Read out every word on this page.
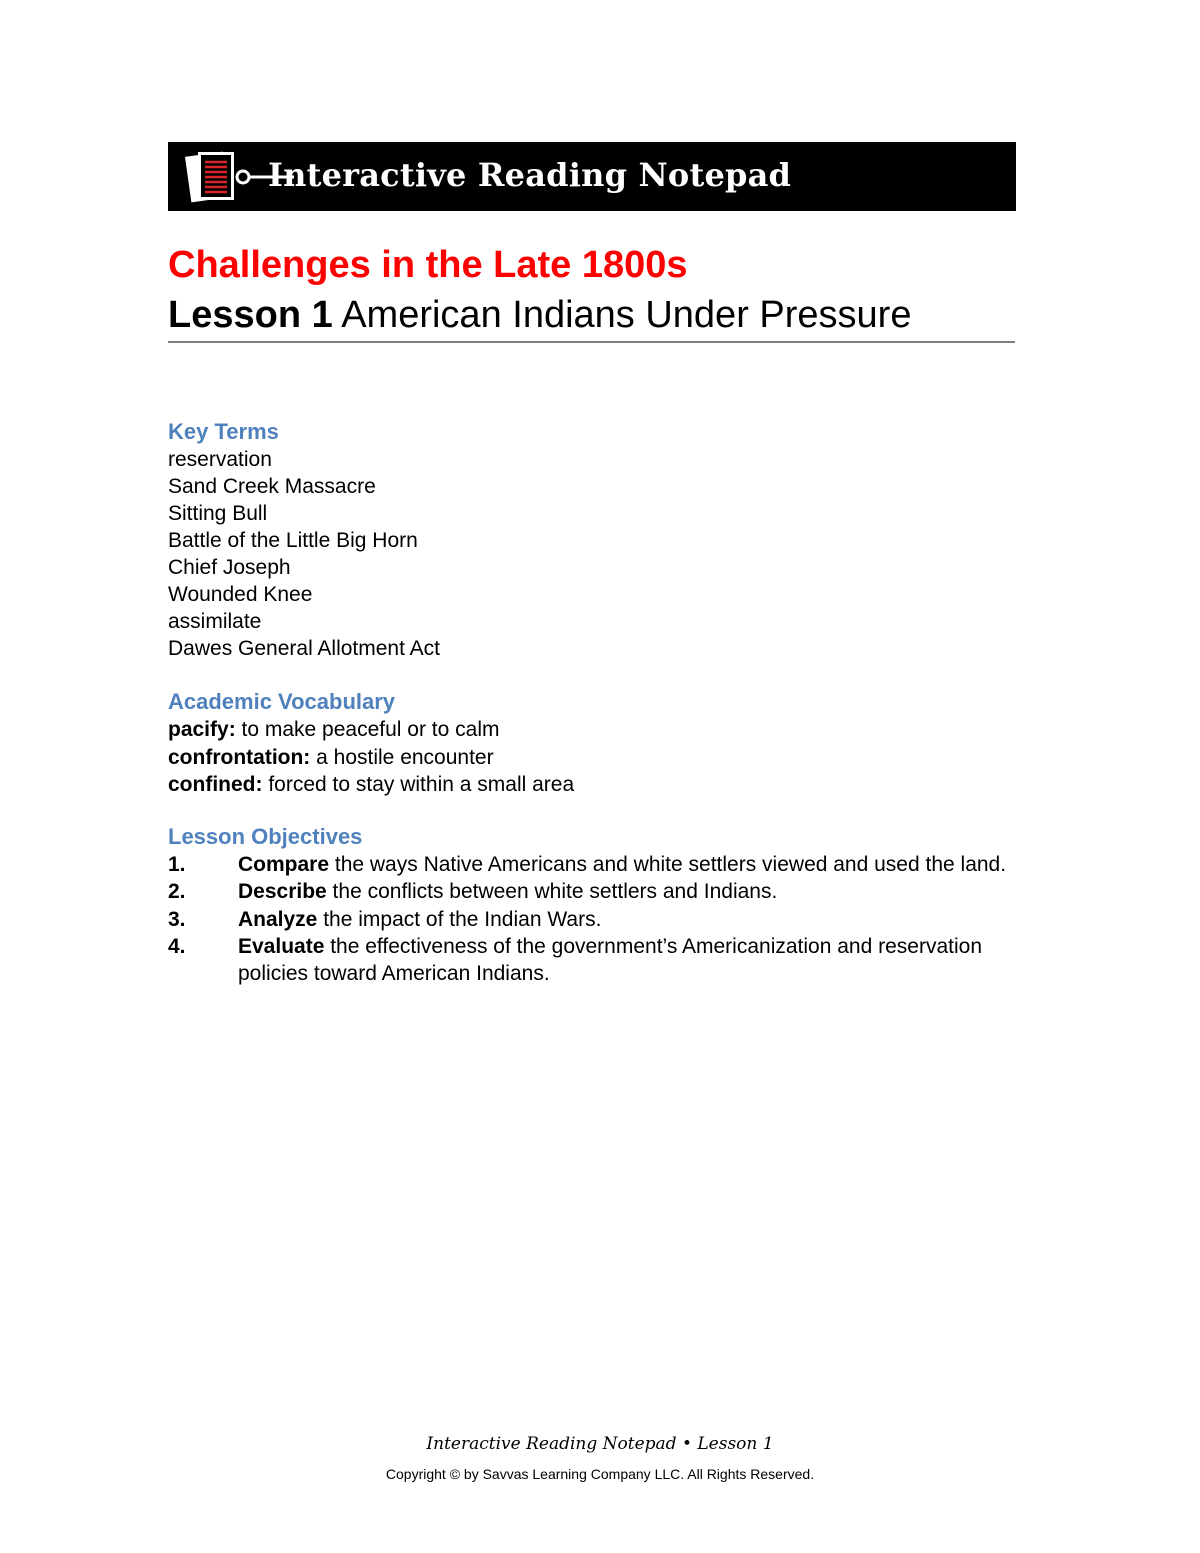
Interactive Reading Notepad
Challenges in the Late 1800s
Lesson 1 American Indians Under Pressure
Key Terms
reservation
Sand Creek Massacre
Sitting Bull
Battle of the Little Big Horn
Chief Joseph
Wounded Knee
assimilate
Dawes General Allotment Act
Academic Vocabulary
pacify: to make peaceful or to calm
confrontation: a hostile encounter
confined: forced to stay within a small area
Lesson Objectives
1.	Compare the ways Native Americans and white settlers viewed and used the land.
2.	Describe the conflicts between white settlers and Indians.
3.	Analyze the impact of the Indian Wars.
4.	Evaluate the effectiveness of the government’s Americanization and reservation policies toward American Indians.
Interactive Reading Notepad • Lesson 1
Copyright © by Savvas Learning Company LLC. All Rights Reserved.
